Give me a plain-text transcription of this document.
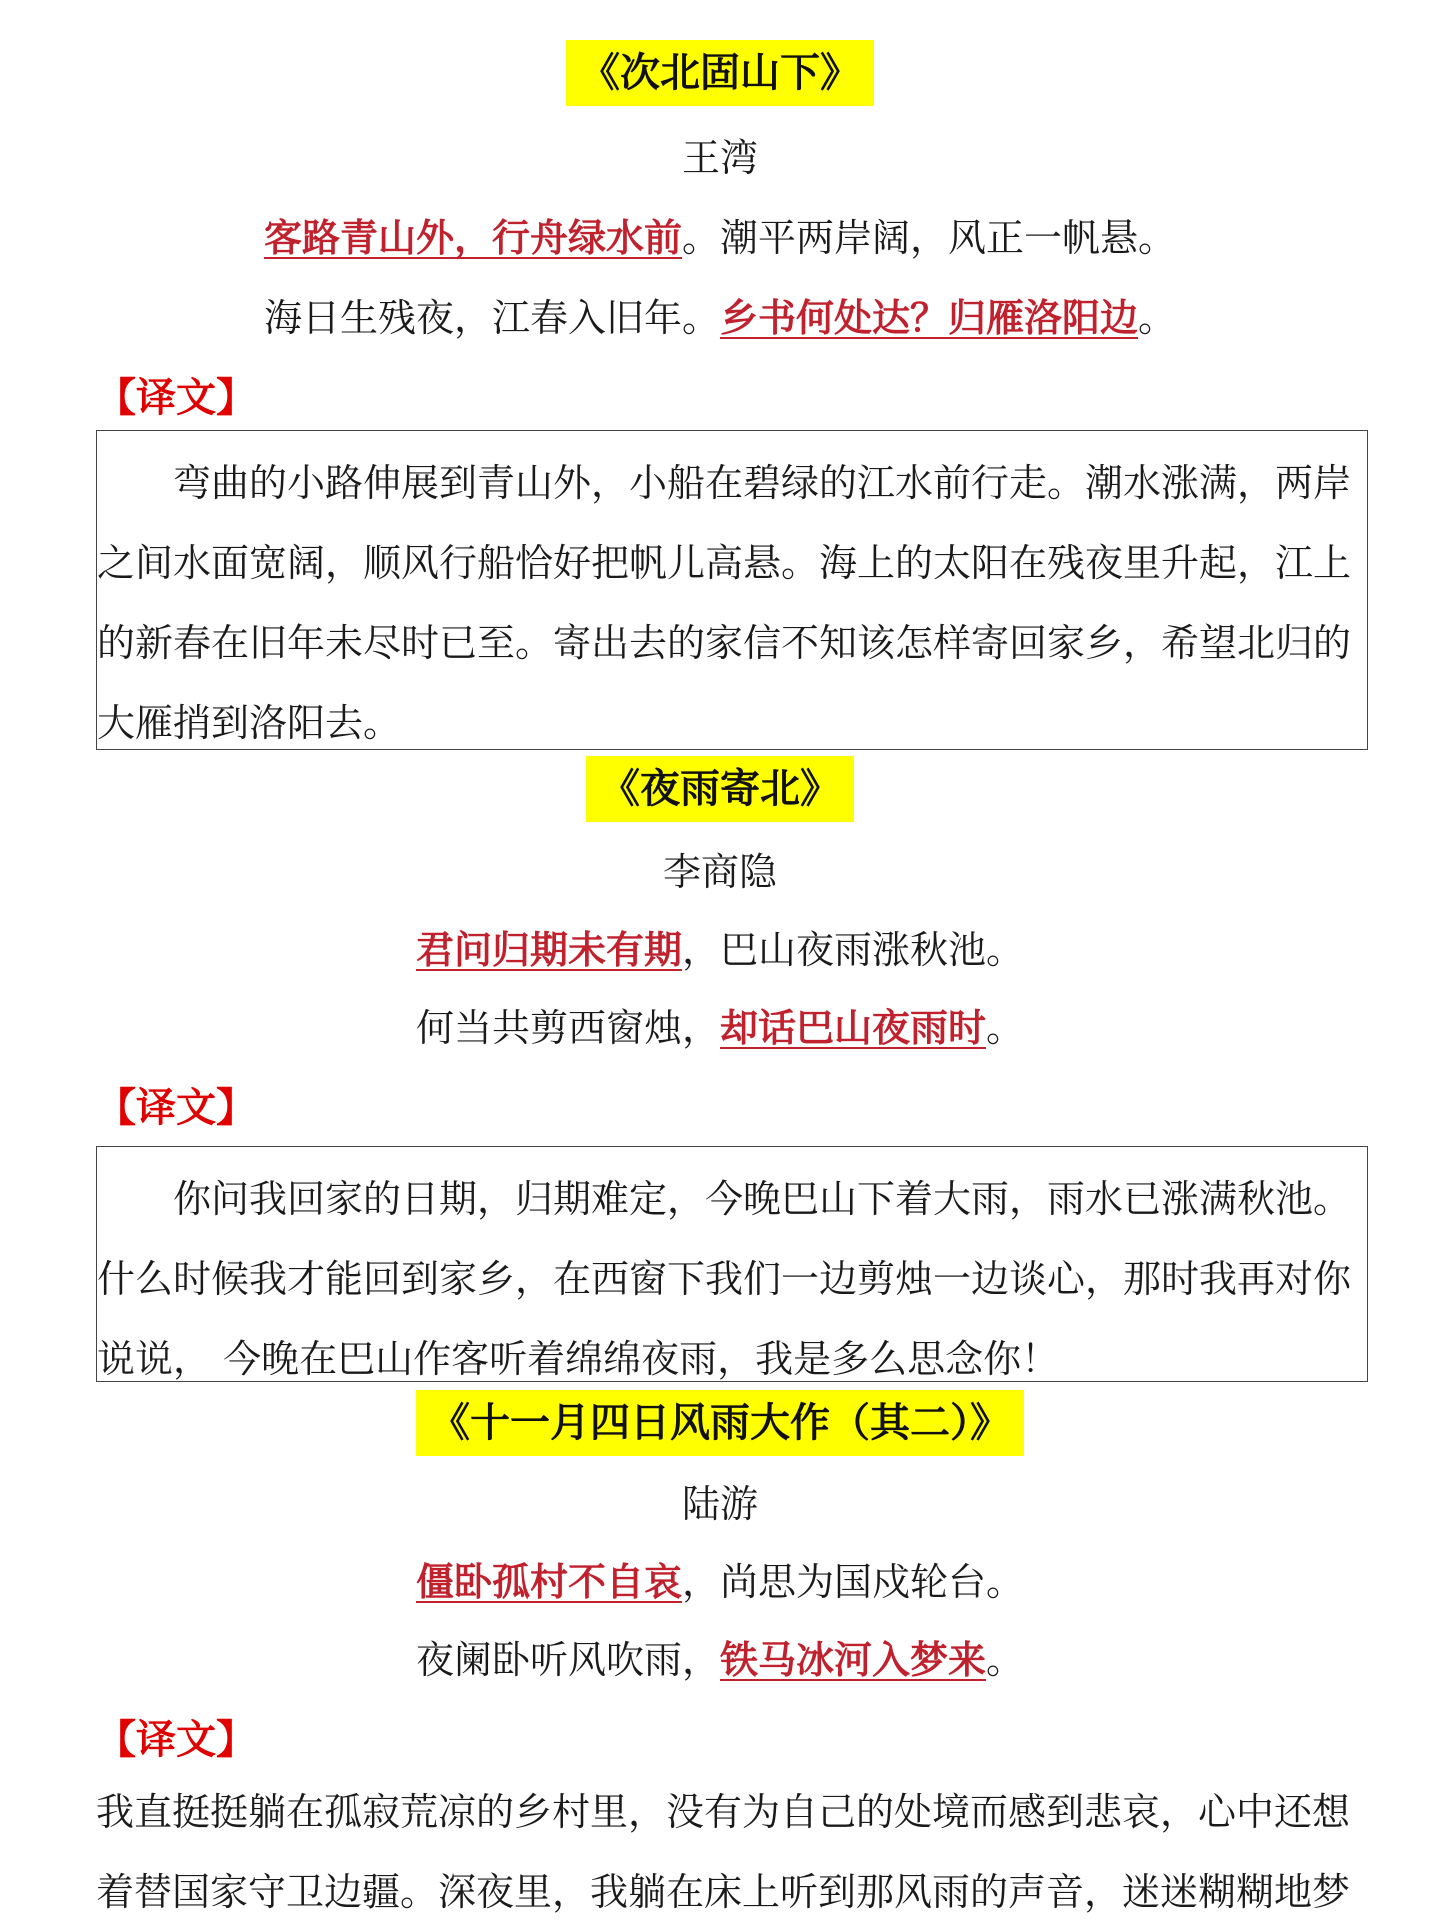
《次北固山下》
王湾
客路青山外，行舟绿水前。潮平两岸阔，风正一帆悬。
海日生残夜，江春入旧年。乡书何处达？归雁洛阳边。
【译文】

弯曲的小路伸展到青山外，小船在碧绿的江水前行走。潮水涨满，两岸之间水面宽阔，顺风行船恰好把帆儿高悬。海上的太阳在残夜里升起，江上的新春在旧年未尽时已至。寄出去的家信不知该怎样寄回家乡，希望北归的大雁捎到洛阳去。

《夜雨寄北》
李商隐
君问归期未有期，巴山夜雨涨秋池。
何当共剪西窗烛，却话巴山夜雨时。
【译文】

你问我回家的日期，归期难定，今晚巴山下着大雨，雨水已涨满秋池。什么时候我才能回到家乡，在西窗下我们一边剪烛一边谈心，那时我再对你说说， 今晚在巴山作客听着绵绵夜雨，我是多么思念你！

《十一月四日风雨大作（其二）》
陆游
僵卧孤村不自哀，尚思为国戍轮台。
夜阑卧听风吹雨，铁马冰河入梦来。
【译文】

我直挺挺躺在孤寂荒凉的乡村里，没有为自己的处境而感到悲哀，心中还想着替国家守卫边疆。深夜里，我躺在床上听到那风雨的声音，迷迷糊糊地梦
